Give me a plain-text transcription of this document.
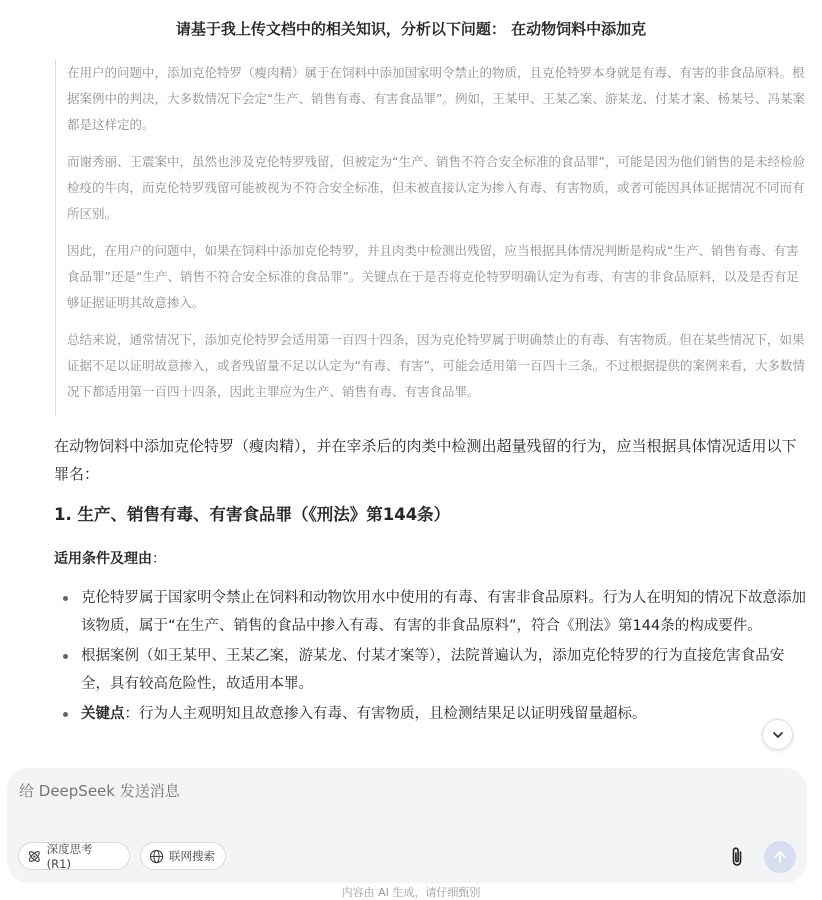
请基于我上传文档中的相关知识，分析以下问题： 在动物饲料中添加克

在用户的问题中，添加克伦特罗（瘦肉精）属于在饲料中添加国家明令禁止的物质，且克伦特罗本身就是有毒、有害的非食品原料。根据案例中的判决，大多数情况下会定“生产、销售有毒、有害食品罪”。例如，王某甲、王某乙案、游某龙、付某才案、杨某号、冯某案都是这样定的。

而谢秀丽、王震案中，虽然也涉及克伦特罗残留，但被定为“生产、销售不符合安全标准的食品罪”，可能是因为他们销售的是未经检验检疫的牛肉，而克伦特罗残留可能被视为不符合安全标准，但未被直接认定为掺入有毒、有害物质，或者可能因具体证据情况不同而有所区别。

因此，在用户的问题中，如果在饲料中添加克伦特罗，并且肉类中检测出残留，应当根据具体情况判断是构成“生产、销售有毒、有害食品罪”还是“生产、销售不符合安全标准的食品罪”。关键点在于是否将克伦特罗明确认定为有毒、有害的非食品原料，以及是否有足够证据证明其故意掺入。

总结来说，通常情况下，添加克伦特罗会适用第一百四十四条，因为克伦特罗属于明确禁止的有毒、有害物质。但在某些情况下，如果证据不足以证明故意掺入，或者残留量不足以认定为“有毒、有害”，可能会适用第一百四十三条。不过根据提供的案例来看，大多数情况下都适用第一百四十四条，因此主罪应为生产、销售有毒、有害食品罪。

在动物饲料中添加克伦特罗（瘦肉精），并在宰杀后的肉类中检测出超量残留的行为，应当根据具体情况适用以下罪名：

1. 生产、销售有毒、有害食品罪（《刑法》第144条）

适用条件及理由：

克伦特罗属于国家明令禁止在饲料和动物饮用水中使用的有毒、有害非食品原料。行为人在明知的情况下故意添加该物质，属于“在生产、销售的食品中掺入有毒、有害的非食品原料”，符合《刑法》第144条的构成要件。
根据案例（如王某甲、王某乙案，游某龙、付某才案等），法院普遍认为，添加克伦特罗的行为直接危害食品安全，具有较高危险性，故适用本罪。
关键点：行为人主观明知且故意掺入有毒、有害物质，且检测结果足以证明残留量超标。
给 DeepSeek 发送消息
深度思考 (R1)
联网搜索
内容由 AI 生成，请仔细甄别
